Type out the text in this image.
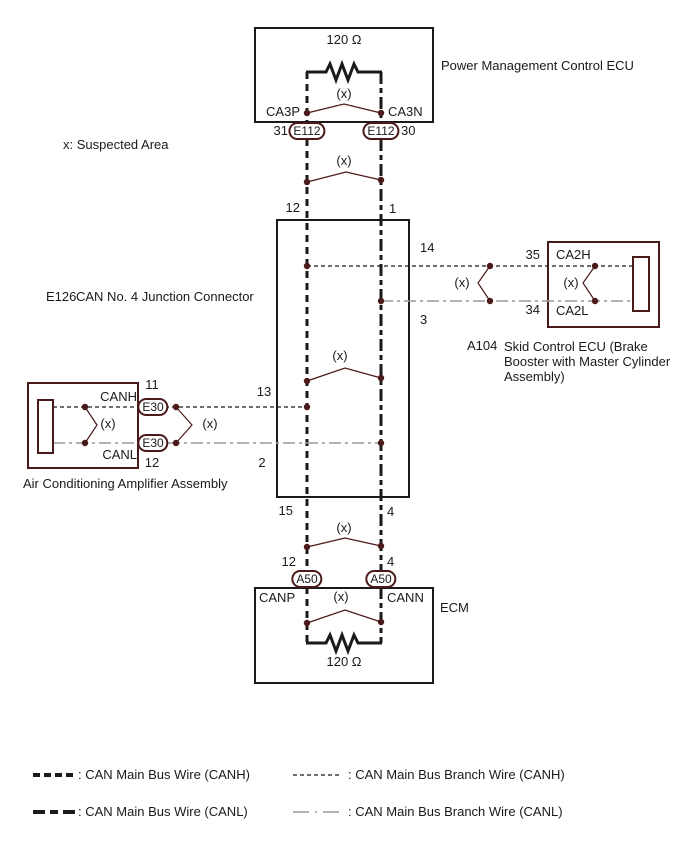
120 Ω
Power Management Control ECU
CA3P	CA3N
31	30
x: Suspected Area
(x)
(x)
(x)
(x)	(x)
(x)	(x)
(x)
(x)
12	1
14
3
13
2
15	4
E126 CAN No. 4 Junction Connector
35
34
CA2H
CA2L
A104 Skid Control ECU (Brake
Booster with Master Cylinder
Assembly)
CANH
CANL
11
12
Air Conditioning Amplifier Assembly
12	4
CANP	CANN
ECM
120 Ω
E112	E112
E30
E30
A50	A50
: CAN Main Bus Wire (CANH)	: CAN Main Bus Branch Wire (CANH)
: CAN Main Bus Wire (CANL)	: CAN Main Bus Branch Wire (CANL)
